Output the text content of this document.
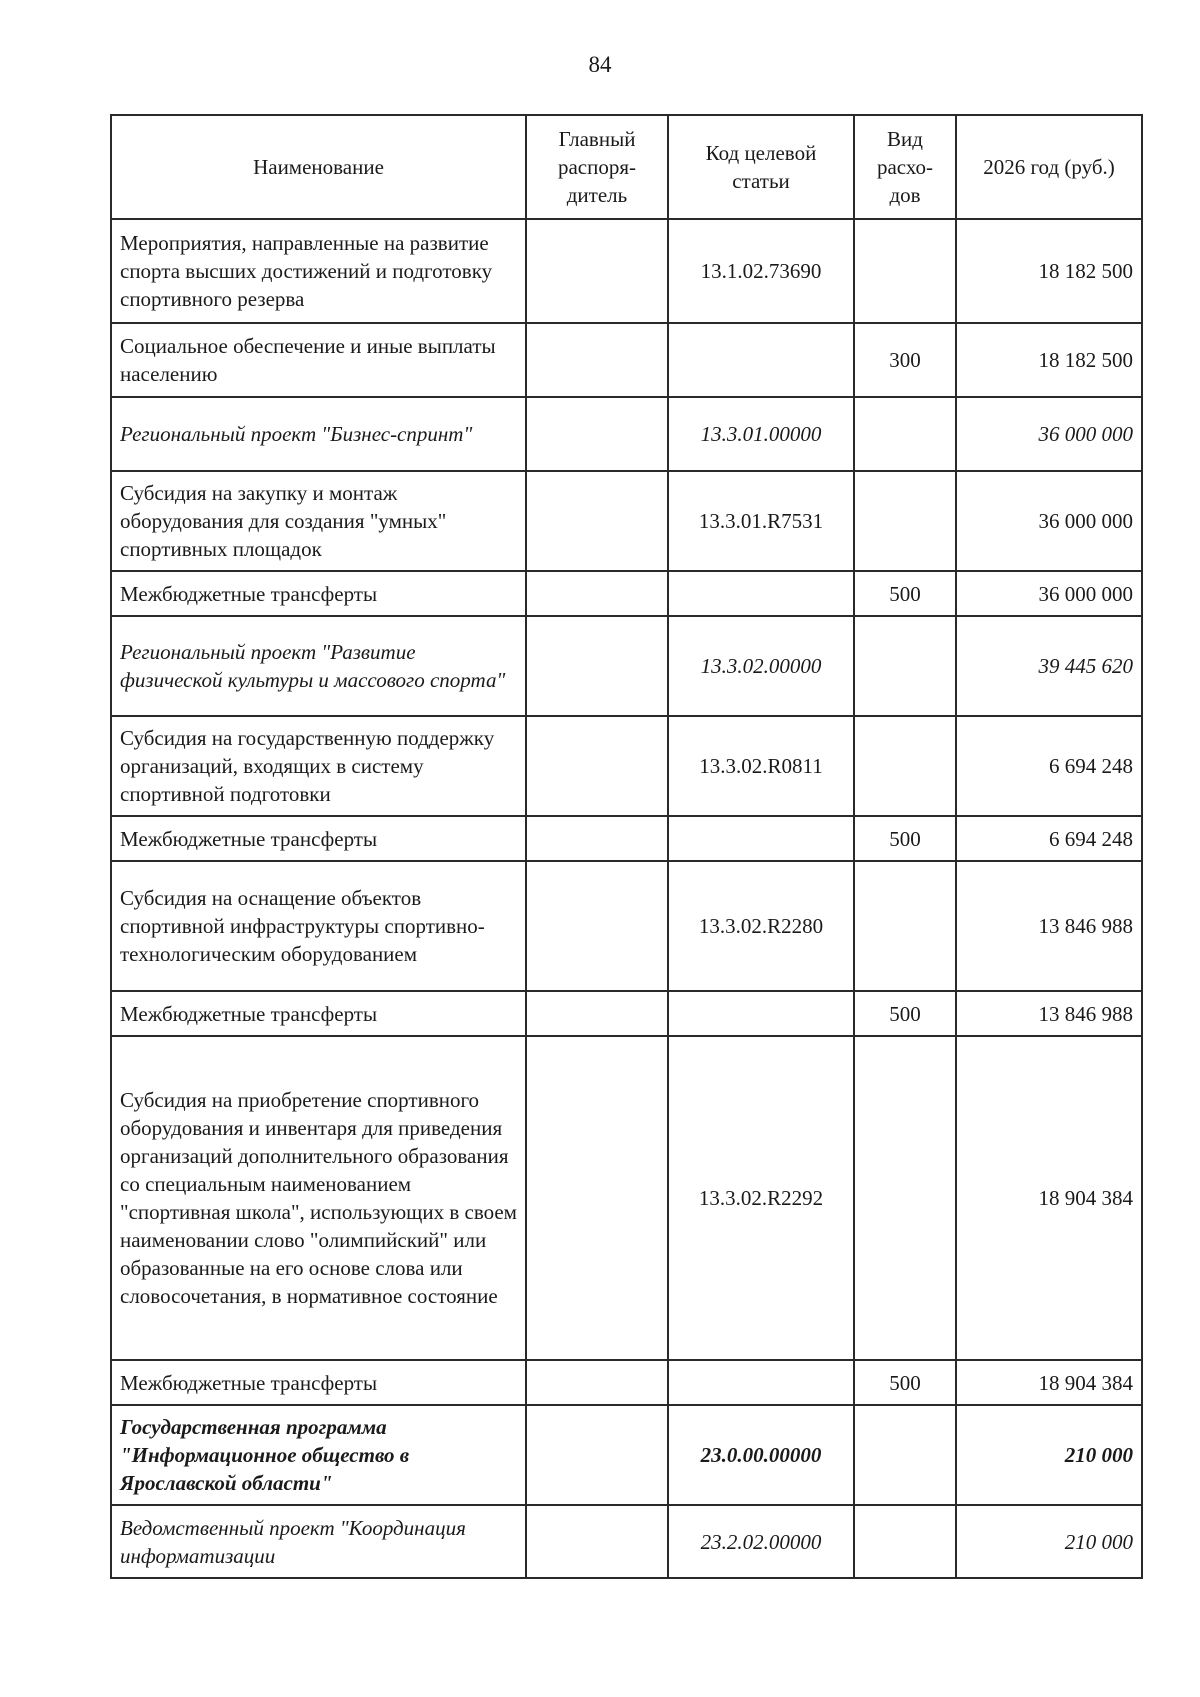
84
Наименование	Главный распоря-дитель	Код целевой статьи	Вид расхо-дов	2026 год (руб.)
Мероприятия, направленные на развитие спорта высших достижений и подготовку спортивного резерва		13.1.02.73690		18 182 500
Социальное обеспечение и иные выплаты населению			300	18 182 500
Региональный проект "Бизнес-спринт"		13.3.01.00000		36 000 000
Субсидия на закупку и монтаж оборудования для создания "умных" спортивных площадок		13.3.01.R7531		36 000 000
Межбюджетные трансферты			500	36 000 000
Региональный проект "Развитие физической культуры и массового спорта"		13.3.02.00000		39 445 620
Субсидия на государственную поддержку организаций, входящих в систему спортивной подготовки		13.3.02.R0811		6 694 248
Межбюджетные трансферты			500	6 694 248
Субсидия на оснащение объектов спортивной инфраструктуры спортивно-технологическим оборудованием		13.3.02.R2280		13 846 988
Межбюджетные трансферты			500	13 846 988
Субсидия на приобретение спортивного оборудования и инвентаря для приведения организаций дополнительного образования со специальным наименованием "спортивная школа", использующих в своем наименовании слово "олимпийский" или образованные на его основе слова или словосочетания, в нормативное состояние		13.3.02.R2292		18 904 384
Межбюджетные трансферты			500	18 904 384
Государственная программа "Информационное общество в Ярославской области"		23.0.00.00000		210 000
Ведомственный проект "Координация информатизации		23.2.02.00000		210 000
